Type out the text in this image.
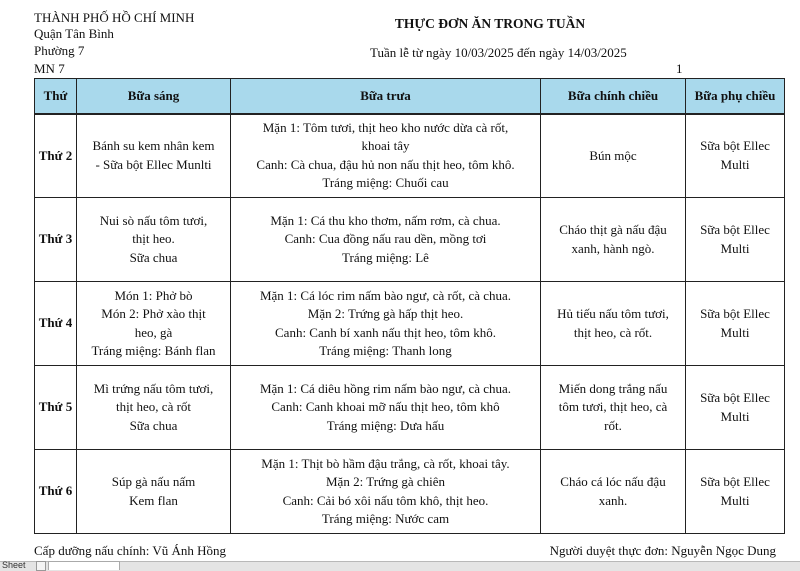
THÀNH PHỐ HỒ CHÍ MINH
Quận Tân Bình
Phường 7
MN 7
THỰC ĐƠN ĂN TRONG TUẦN
Tuần lễ từ ngày 10/03/2025 đến ngày 14/03/2025
1
Thứ	Bữa sáng	Bữa trưa	Bữa chính chiều	Bữa phụ chiều
Thứ 2	Bánh su kem nhân kem
- Sữa bột Ellec Munlti	Mặn 1: Tôm tươi, thịt heo kho nước dừa cà rốt,
khoai tây
Canh: Cà chua, đậu hủ non nấu thịt heo, tôm khô.
Tráng miệng: Chuối cau	Bún mộc	Sữa bột Ellec
Multi

Thứ 3	Nui sò nấu tôm tươi,
thịt heo.
Sữa chua	Mặn 1: Cá thu kho thơm, nấm rơm, cà chua.
Canh: Cua đồng nấu rau dền, mồng tơi
Tráng miệng: Lê	Cháo thịt gà nấu đậu
xanh, hành ngò.	Sữa bột Ellec
Multi

Thứ 4	Món 1: Phở bò
Món 2: Phở xào thịt
heo, gà
Tráng miệng: Bánh flan	Mặn 1: Cá lóc rim nấm bào ngư, cà rốt, cà chua.
Mặn 2: Trứng gà hấp thịt heo.
Canh: Canh bí xanh nấu thịt heo, tôm khô.
Tráng miệng: Thanh long	Hủ tiếu nấu tôm tươi,
thịt heo, cà rốt.	Sữa bột Ellec
Multi

Thứ 5	Mì trứng nấu tôm tươi,
thịt heo, cà rốt
Sữa chua	Mặn 1: Cá diêu hồng rim nấm bào ngư, cà chua.
Canh: Canh khoai mỡ nấu thịt heo, tôm khô
Tráng miệng: Dưa hấu	Miến dong trắng nấu
tôm tươi, thịt heo, cà
rốt.	Sữa bột Ellec
Multi

Thứ 6	Súp gà nấu nấm
Kem flan	Mặn 1: Thịt bò hầm đậu trắng, cà rốt, khoai tây.
Mặn 2: Trứng gà chiên
Canh: Cải bó xôi nấu tôm khô, thịt heo.
Tráng miệng: Nước cam	Cháo cá lóc nấu đậu
xanh.	Sữa bột Ellec
Multi
Cấp dưỡng nấu chính: Vũ Ánh Hồng	Người duyệt thực đơn: Nguyễn Ngọc Dung
Sheet
